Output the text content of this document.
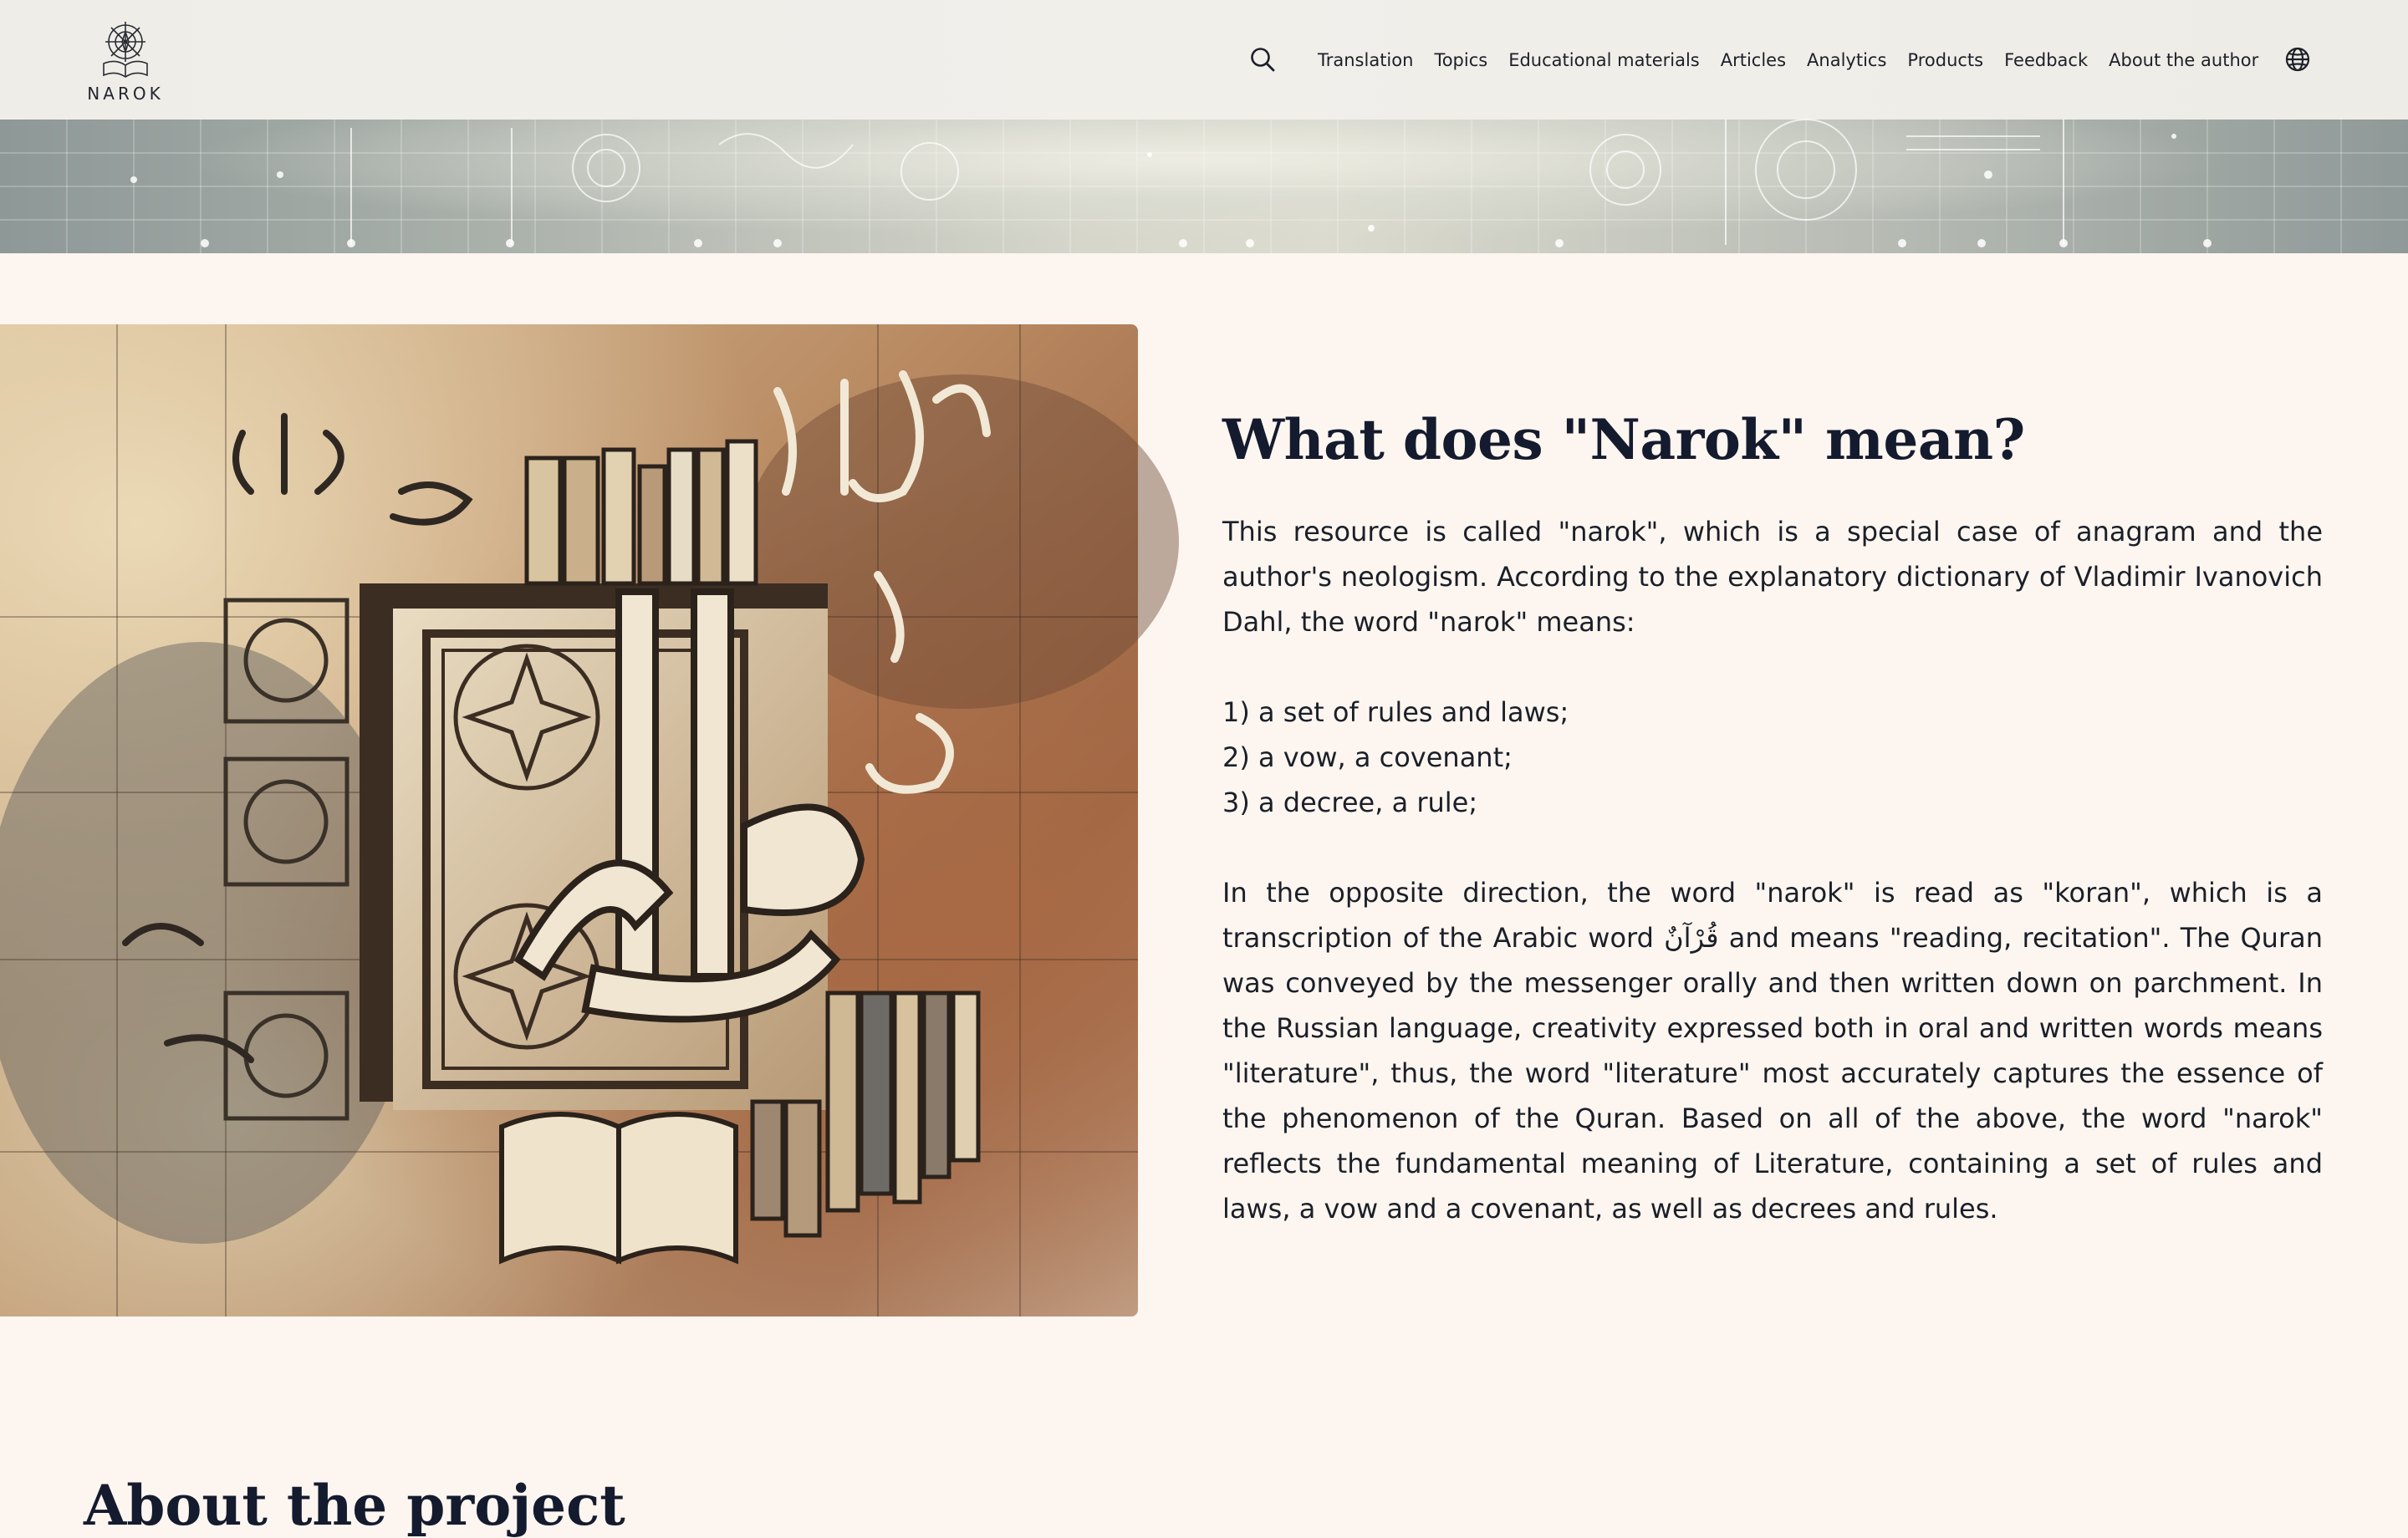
NAROK
Translation Topics Educational materials Articles Analytics Products Feedback About the author
What does "Narok" mean?

This resource is called "narok", which is a special case of anagram and the author's neologism. According to the explanatory dictionary of Vladimir Ivanovich Dahl, the word "narok" means:

1) a set of rules and laws;
2) a vow, a covenant;
3) a decree, a rule;

In the opposite direction, the word "narok" is read as "koran", which is a transcription of the Arabic word قُرْآنٌ and means "reading, recitation". The Quran was conveyed by the messenger orally and then written down on parchment. In the Russian language, creativity expressed both in oral and written words means "literature", thus, the word "literature" most accurately captures the essence of the phenomenon of the Quran. Based on all of the above, the word "narok" reflects the fundamental meaning of Literature, containing a set of rules and laws, a vow and a covenant, as well as decrees and rules.

About the project
